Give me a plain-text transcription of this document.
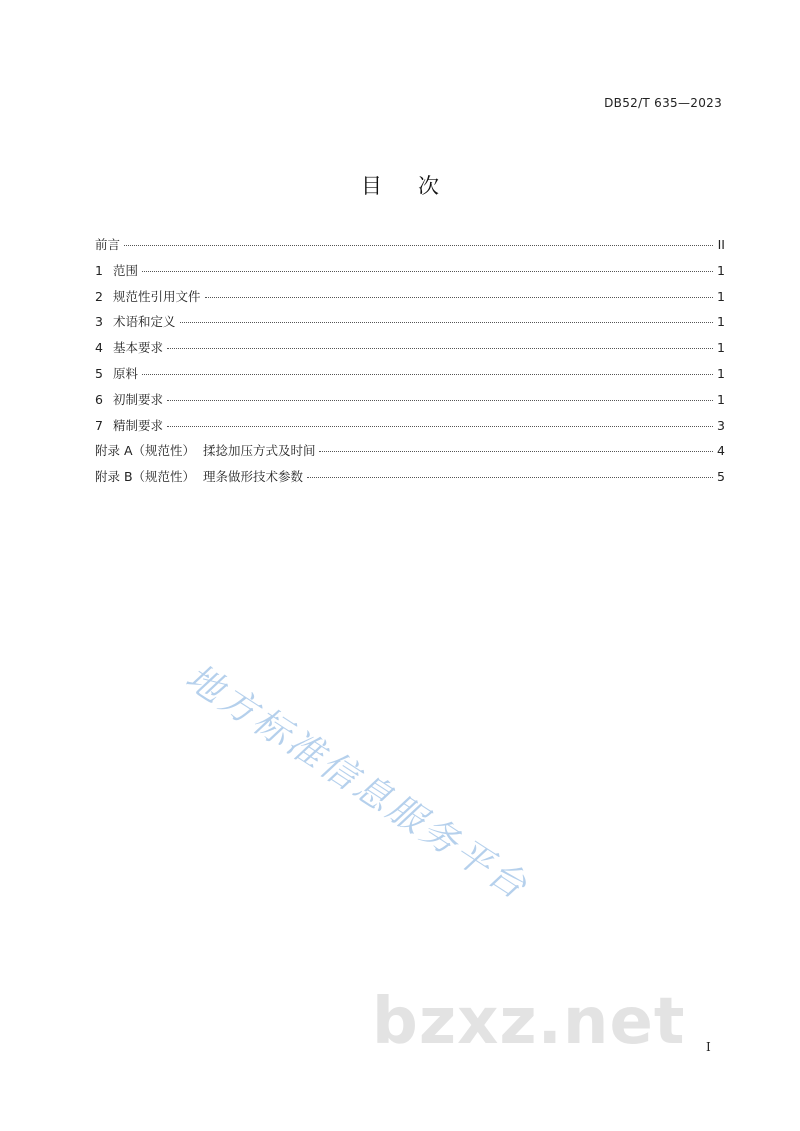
DB52/T 635—2023
目次
前言	II
1 范围	1
2 规范性引用文件	1
3 术语和定义	1
4 基本要求	1
5 原料	1
6 初制要求	1
7 精制要求	3
附录 A（规范性）  揉捻加压方式及时间	4
附录 B（规范性）  理条做形技术参数	5
地方标准信息服务平台
bzxz.net I
